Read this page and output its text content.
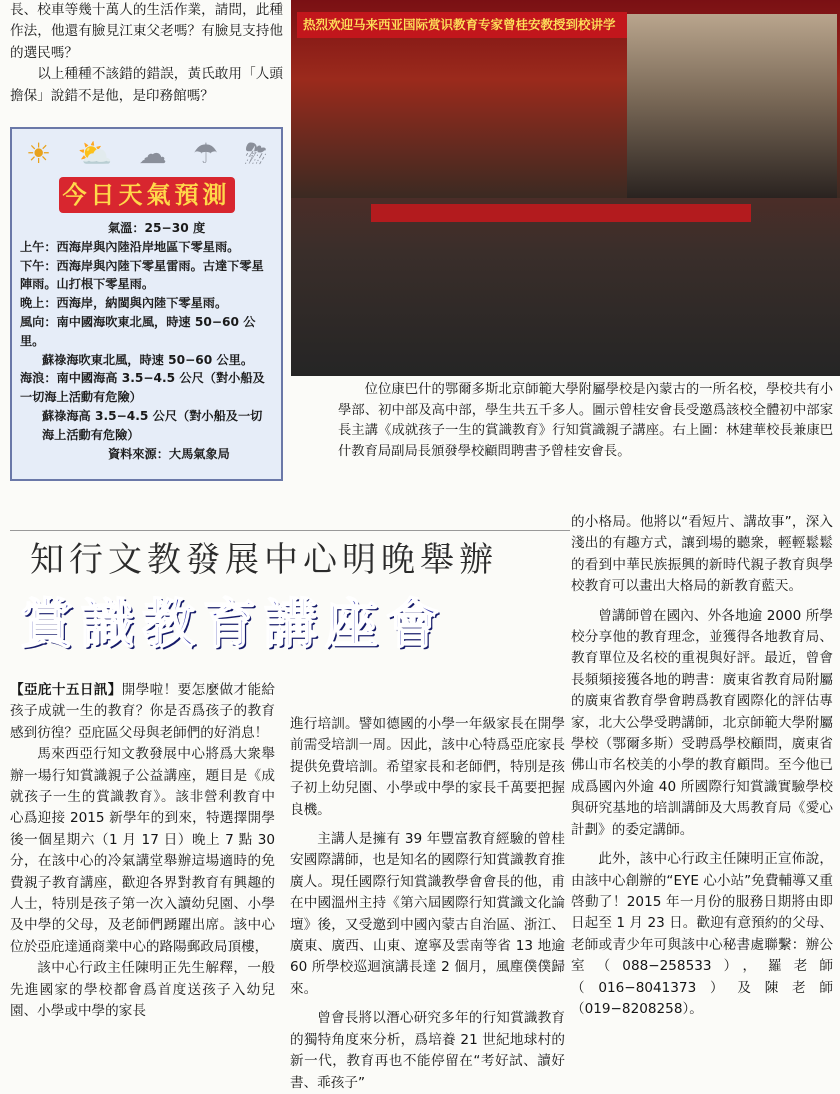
長、校車等幾十萬人的生活作業，請問，此種作法，他還有臉見江東父老嗎？有臉見支持他的選民嗎？

以上種種不該錯的錯誤，黃氏敢用「人頭擔保」說錯不是他，是印務館嗎？

☀ ⛅ ☁ ☂ ⛈
今日天氣預測
氣溫：25−30 度
上午：西海岸與內陸沿岸地區下零星雨。
下午：西海岸與內陸下零星雷雨。古達下零星陣雨。山打根下零星雨。
晚上：西海岸，納閩與內陸下零星雨。
風向：南中國海吹東北風，時速 50−60 公里。
蘇祿海吹東北風，時速 50−60 公里。
海浪：南中國海高 3.5−4.5 公尺（對小船及一切海上活動有危險）
蘇祿海高 3.5−4.5 公尺（對小船及一切海上活動有危險）
資料來源：大馬氣象局
热烈欢迎马来西亚国际赏识教育专家曾桂安教授到校讲学

位位康巴什的鄂爾多斯北京師範大學附屬學校是內蒙古的一所名校，學校共有小學部、初中部及高中部，學生共五千多人。圖示曾桂安會長受邀爲該校全體初中部家長主講《成就孩子一生的賞識教育》行知賞識親子講座。右上圖：林建華校長兼康巴什教育局副局長頒發學校顧問聘書予曾桂安會長。

知行文教發展中心明晚舉辦
賞識教育講座會

【亞庇十五日訊】開學啦！要怎麼做才能給孩子成就一生的教育？你是否爲孩子的教育感到彷徨？亞庇區父母與老師們的好消息！

馬來西亞行知文教發展中心將爲大衆舉辦一場行知賞識親子公益講座，題目是《成就孩子一生的賞識教育》。該非營利教育中心爲迎接 2015 新學年的到來，特選擇開學後一個星期六（1 月 17 日）晚上 7 點 30 分，在該中心的冷氣講堂舉辦這場適時的免費親子教育講座，歡迎各界對教育有興趣的人士，特別是孩子第一次入讀幼兒園、小學及中學的父母，及老師們踴躍出席。該中心位於亞庇達通商業中心的路陽郵政局頂樓，

該中心行政主任陳明正先生解釋，一般先進國家的學校都會爲首度送孩子入幼兒園、小學或中學的家長

進行培訓。譬如德國的小學一年級家長在開學前需受培訓一周。因此，該中心特爲亞庇家長提供免費培訓。希望家長和老師們，特別是孩子初上幼兒園、小學或中學的家長千萬要把握良機。

主講人是擁有 39 年豐富教育經驗的曾桂安國際講師，也是知名的國際行知賞識教育推廣人。現任國際行知賞識教學會會長的他，甫在中國溫州主持《第六屆國際行知賞識文化論壇》後，又受邀到中國內蒙古自治區、浙江、廣東、廣西、山東、遼寧及雲南等省 13 地逾 60 所學校巡迴演講長達 2 個月，風塵僕僕歸來。

曾會長將以潛心研究多年的行知賞識教育的獨特角度來分析，爲培養 21 世紀地球村的新一代，教育再也不能停留在“考好試、讀好書、乖孩子”

的小格局。他將以“看短片、講故事”，深入淺出的有趣方式，讓到場的聽衆，輕輕鬆鬆的看到中華民族振興的新時代親子教育與學校教育可以畫出大格局的新教育藍天。

曾講師曾在國內、外各地逾 2000 所學校分享他的教育理念，並獲得各地教育局、教育單位及名校的重視與好評。最近，曾會長頻頻接獲各地的聘書：廣東省教育局附屬的廣東省教育學會聘爲教育國際化的評估專家，北大公學受聘講師，北京師範大學附屬學校（鄂爾多斯）受聘爲學校顧問，廣東省佛山市名校美的小學的教育顧問。至今他已成爲國內外逾 40 所國際行知賞識實驗學校與研究基地的培訓講師及大馬教育局《愛心計劃》的委定講師。

此外，該中心行政主任陳明正宣佈說，由該中心創辦的“EYE 心小站”免費輔導又重啓動了！2015 年一月份的服務日期將由即日起至 1 月 23 日。歡迎有意預約的父母、老師或青少年可與該中心秘書處聯繫：辦公室（088−258533），羅老師（016−8041373）及陳老師（019−8208258）。
